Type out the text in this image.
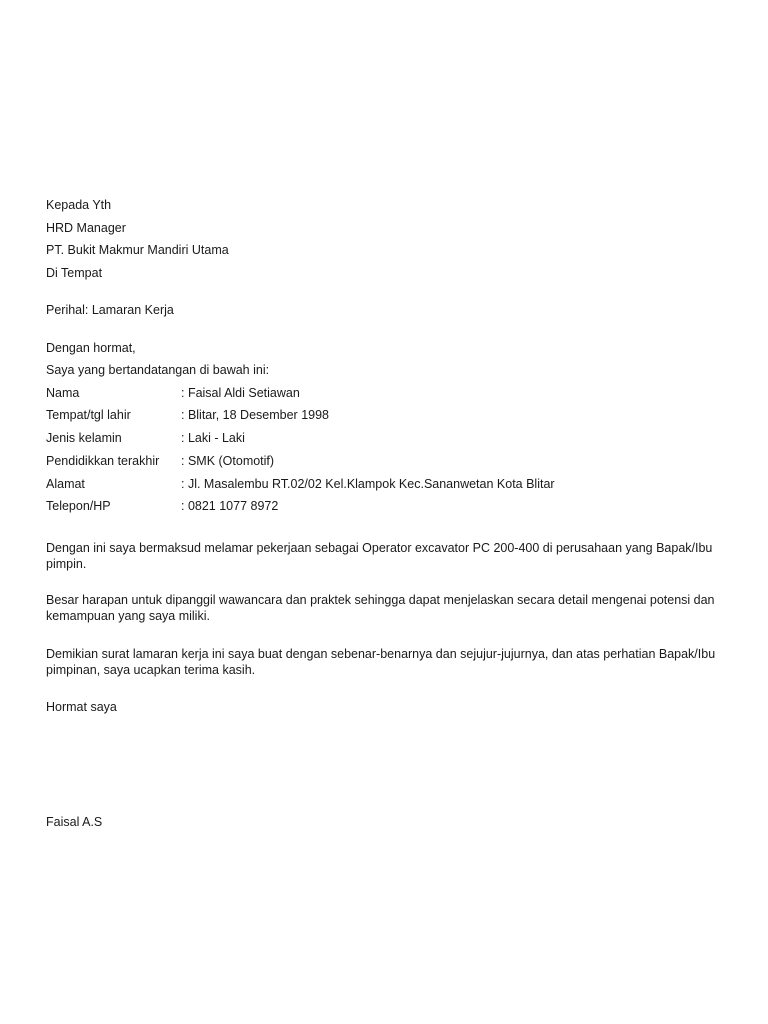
Kepada Yth
HRD Manager
PT. Bukit Makmur Mandiri Utama
Di Tempat
Perihal: Lamaran Kerja
Dengan hormat,
Saya yang bertandatangan di bawah ini:
Nama	: Faisal Aldi Setiawan
Tempat/tgl lahir	: Blitar, 18 Desember 1998
Jenis kelamin	: Laki - Laki
Pendidikkan terakhir	: SMK (Otomotif)
Alamat	: Jl. Masalembu RT.02/02 Kel.Klampok Kec.Sananwetan Kota Blitar
Telepon/HP	: 0821 1077 8972
Dengan ini saya bermaksud melamar pekerjaan sebagai Operator excavator PC 200-400 di perusahaan yang Bapak/Ibu pimpin.
Besar harapan untuk dipanggil wawancara dan praktek sehingga dapat menjelaskan secara detail mengenai potensi dan kemampuan yang saya miliki.
Demikian surat lamaran kerja ini saya buat dengan sebenar-benarnya dan sejujur-jujurnya, dan atas perhatian Bapak/Ibu pimpinan, saya ucapkan terima kasih.
Hormat saya
Faisal A.S
